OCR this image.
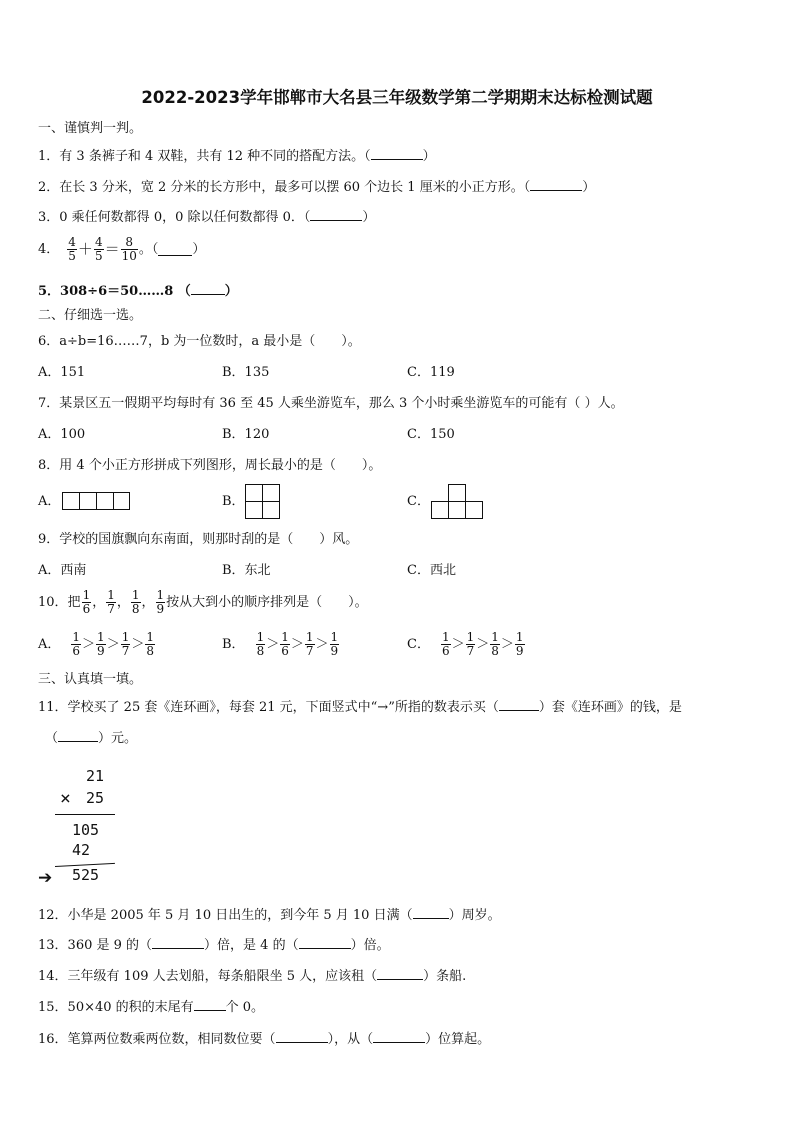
2022-2023学年邯郸市大名县三年级数学第二学期期末达标检测试题
一、谨慎判一判。
1．有 3 条裤子和 4 双鞋，共有 12 种不同的搭配方法。（	）
2．在长 3 分米，宽 2 分米的长方形中，最多可以摆 60 个边长 1 厘米的小正方形。（	）
3．0 乘任何数都得 0，0 除以任何数都得 0．（	）
4． $\frac{4}{5} + \frac{4}{5} = \frac{8}{10}$ 。（	）
5．308÷6＝50……8 （	）
二、仔细选一选。
6．a÷b=16……7，b 为一位数时，a 最小是（　　）。
A．151	B．135	C．119
7．某景区五一假期平均每时有 36 至 45 人乘坐游览车，那么 3 个小时乘坐游览车的可能有（ ）人。
A．100	B．120	C．150
8．用 4 个小正方形拼成下列图形，周长最小的是（　　）。
A．	B．	C．
9．学校的国旗飘向东南面，则那时刮的是（　　）风。
A．西南	B．东北	C．西北
10． 把 $\frac{1}{6}$ ， $\frac{1}{7}$ ， $\frac{1}{8}$ ， $\frac{1}{9}$ 按从大到小的顺序排列是（　　）。
A． $\frac{1}{6} > \frac{1}{9} > \frac{1}{7} > \frac{1}{8}$	B． $\frac{1}{8} > \frac{1}{6} > \frac{1}{7} > \frac{1}{9}$	C． $\frac{1}{6} > \frac{1}{7} > \frac{1}{8} > \frac{1}{9}$
三、认真填一填。
11．学校买了 25 套《连环画》，每套 21 元，下面竖式中“→”所指的数表示买（	）套《连环画》的钱，是
（	）元。
21
× 25
105
42
➔ 525
12．小华是 2005 年 5 月 10 日出生的，到今年 5 月 10 日满（	）周岁。
13．360 是 9 的（	）倍，是 4 的（	）倍。
14．三年级有 109 人去划船，每条船限坐 5 人，应该租（	）条船.
15．50×40 的积的末尾有 个 0。
16．笔算两位数乘两位数，相同数位要（	），从（	）位算起。
